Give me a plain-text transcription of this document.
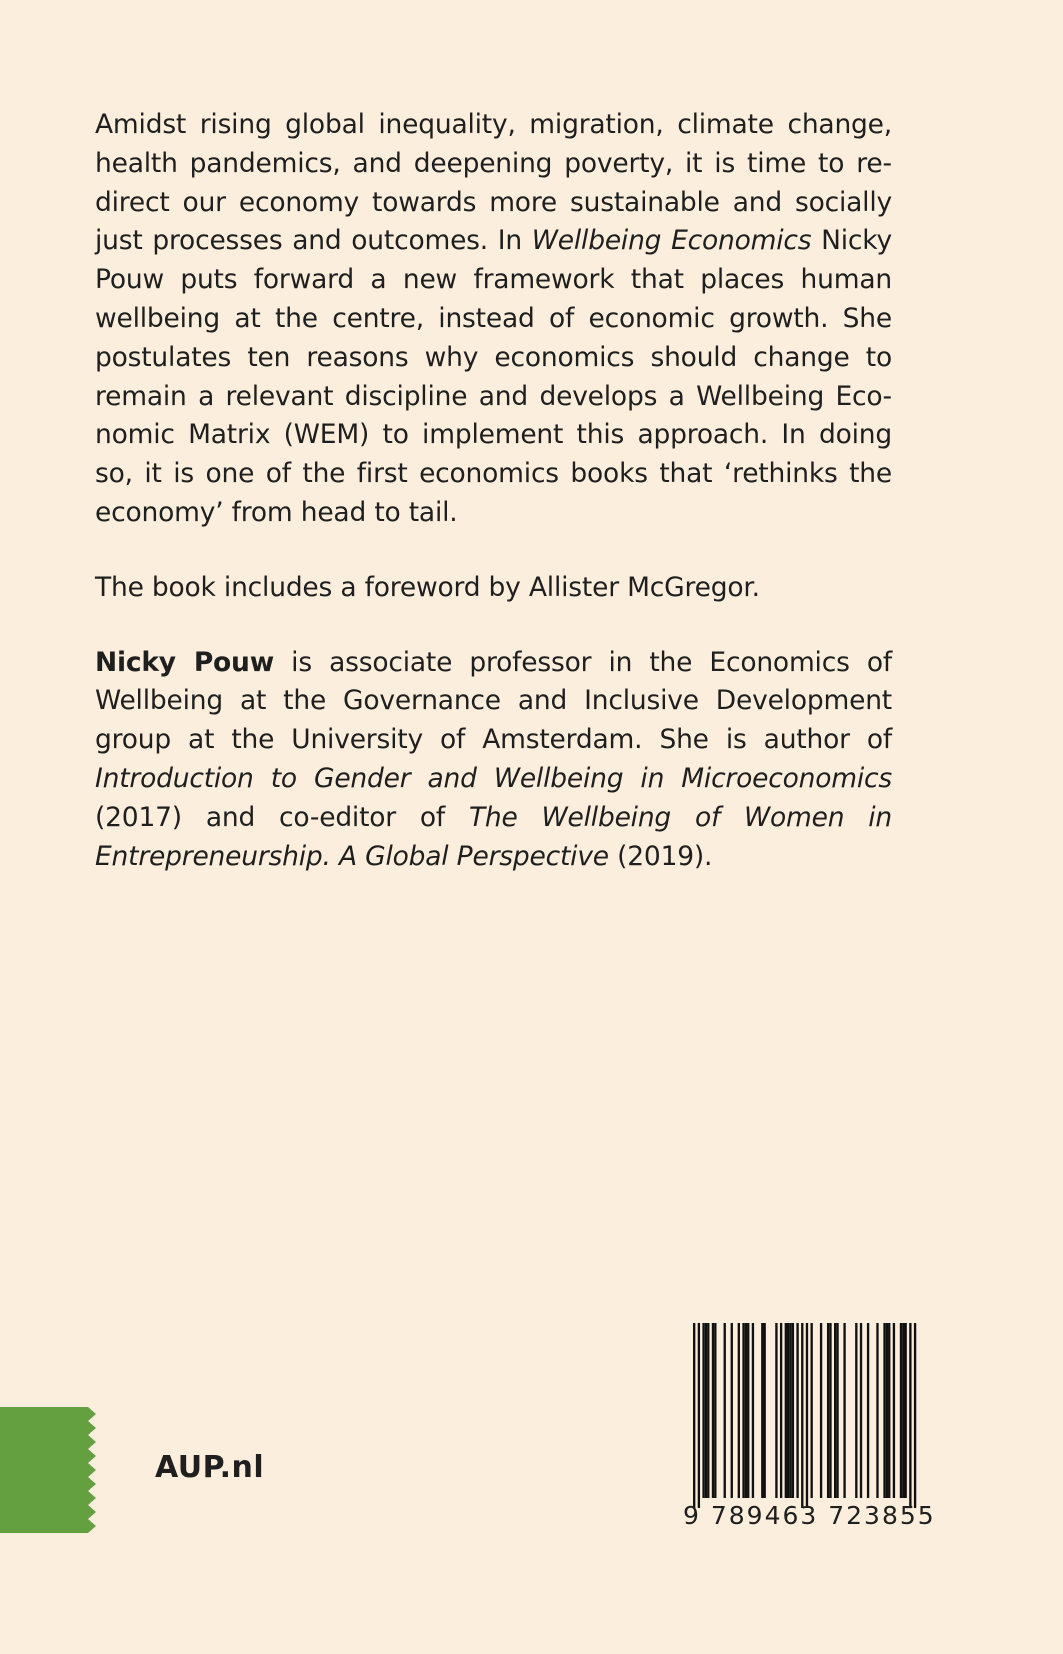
Amidst rising global inequality, migration, climate change, health pandemics, and deepening poverty, it is time to redirect our economy towards more sustainable and socially just processes and outcomes. In Wellbeing Economics Nicky Pouw puts forward a new framework that places human wellbeing at the centre, instead of economic growth. She postulates ten reasons why economics should change to remain a relevant discipline and develops a Wellbeing Economic Matrix (WEM) to implement this approach. In doing so, it is one of the first economics books that ‘rethinks the economy’ from head to tail.

The book includes a foreword by Allister McGregor.

Nicky Pouw is associate professor in the Economics of Wellbeing at the Governance and Inclusive Development group at the University of Amsterdam. She is author of Introduction to Gender and Wellbeing in Microeconomics (2017) and co-editor of The Wellbeing of Women in Entrepreneurship. A Global Perspective (2019).

AUP.nl
9 789463 723855
